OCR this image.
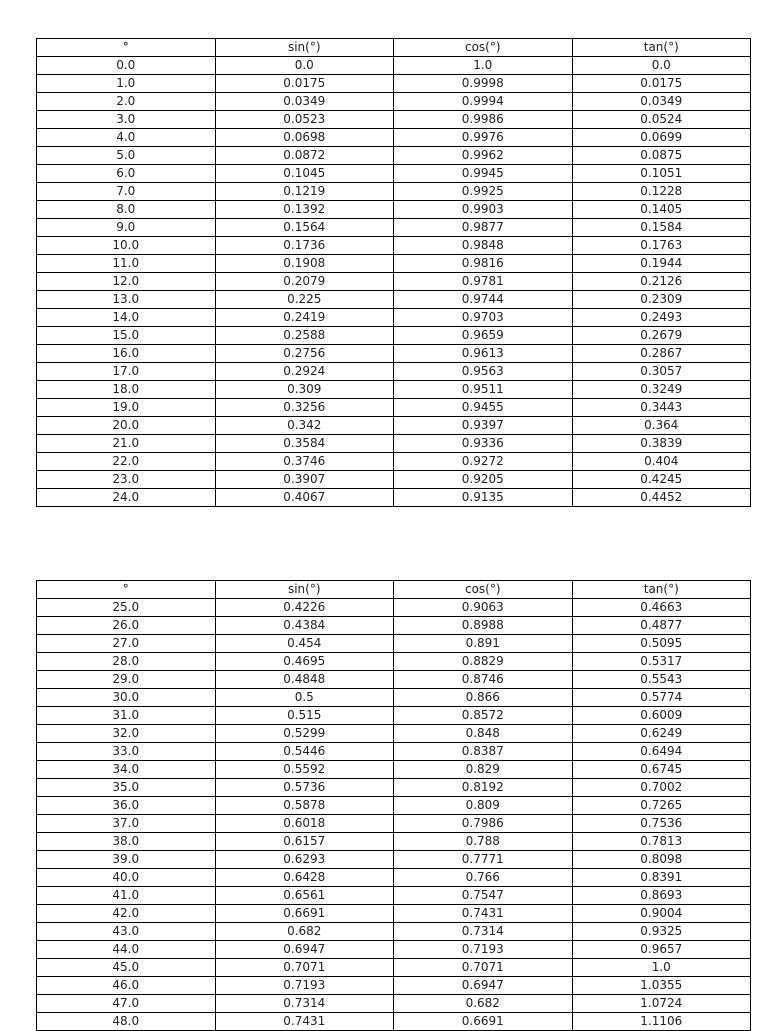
°	sin(°)	cos(°)	tan(°)
0.0	0.0	1.0	0.0
1.0	0.0175	0.9998	0.0175
2.0	0.0349	0.9994	0.0349
3.0	0.0523	0.9986	0.0524
4.0	0.0698	0.9976	0.0699
5.0	0.0872	0.9962	0.0875
6.0	0.1045	0.9945	0.1051
7.0	0.1219	0.9925	0.1228
8.0	0.1392	0.9903	0.1405
9.0	0.1564	0.9877	0.1584
10.0	0.1736	0.9848	0.1763
11.0	0.1908	0.9816	0.1944
12.0	0.2079	0.9781	0.2126
13.0	0.225	0.9744	0.2309
14.0	0.2419	0.9703	0.2493
15.0	0.2588	0.9659	0.2679
16.0	0.2756	0.9613	0.2867
17.0	0.2924	0.9563	0.3057
18.0	0.309	0.9511	0.3249
19.0	0.3256	0.9455	0.3443
20.0	0.342	0.9397	0.364
21.0	0.3584	0.9336	0.3839
22.0	0.3746	0.9272	0.404
23.0	0.3907	0.9205	0.4245
24.0	0.4067	0.9135	0.4452
°	sin(°)	cos(°)	tan(°)
25.0	0.4226	0.9063	0.4663
26.0	0.4384	0.8988	0.4877
27.0	0.454	0.891	0.5095
28.0	0.4695	0.8829	0.5317
29.0	0.4848	0.8746	0.5543
30.0	0.5	0.866	0.5774
31.0	0.515	0.8572	0.6009
32.0	0.5299	0.848	0.6249
33.0	0.5446	0.8387	0.6494
34.0	0.5592	0.829	0.6745
35.0	0.5736	0.8192	0.7002
36.0	0.5878	0.809	0.7265
37.0	0.6018	0.7986	0.7536
38.0	0.6157	0.788	0.7813
39.0	0.6293	0.7771	0.8098
40.0	0.6428	0.766	0.8391
41.0	0.6561	0.7547	0.8693
42.0	0.6691	0.7431	0.9004
43.0	0.682	0.7314	0.9325
44.0	0.6947	0.7193	0.9657
45.0	0.7071	0.7071	1.0
46.0	0.7193	0.6947	1.0355
47.0	0.7314	0.682	1.0724
48.0	0.7431	0.6691	1.1106
